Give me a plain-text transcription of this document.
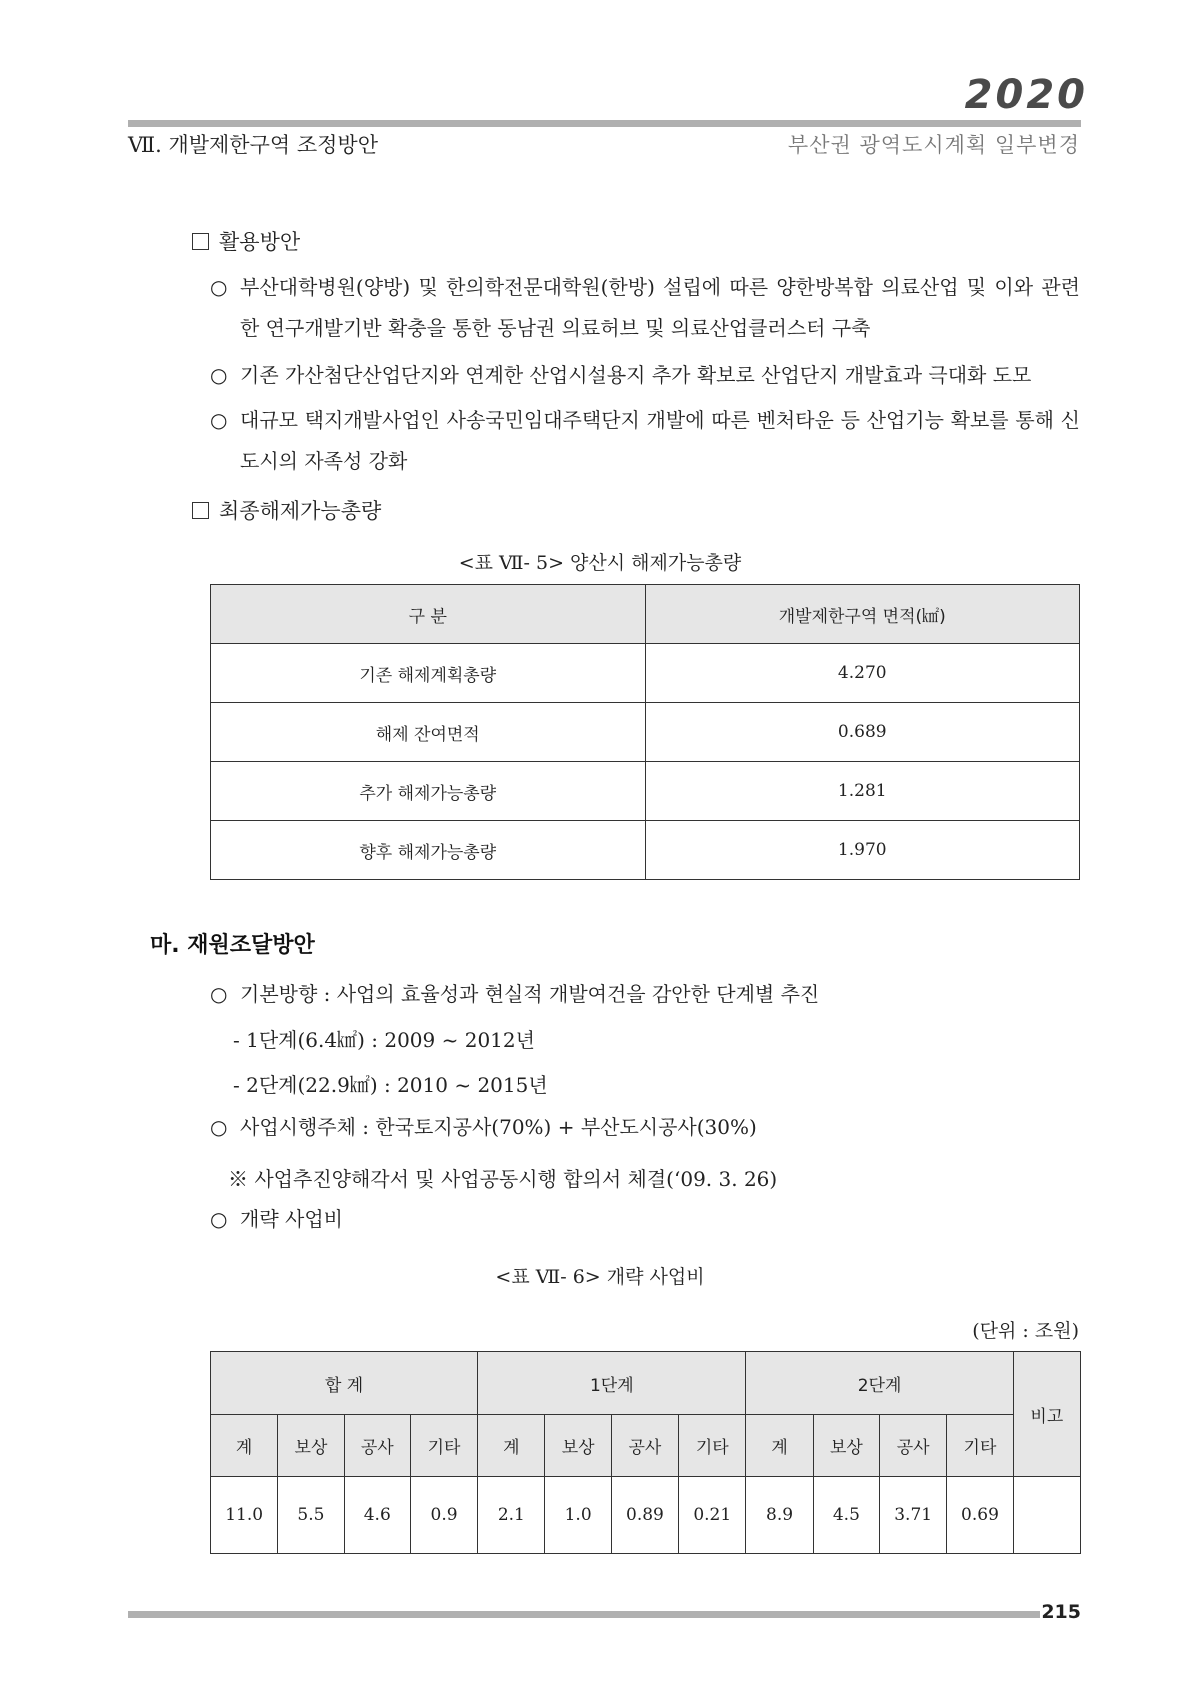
2020
Ⅶ. 개발제한구역 조정방안	부산권 광역도시계획 일부변경
활용방안
○ 부산대학병원(양방) 및 한의학전문대학원(한방) 설립에 따른 양한방복합 의료산업 및 이와 관련한 연구개발기반 확충을 통한 동남권 의료허브 및 의료산업클러스터 구축
○ 기존 가산첨단산업단지와 연계한 산업시설용지 추가 확보로 산업단지 개발효과 극대화 도모
○ 대규모 택지개발사업인 사송국민임대주택단지 개발에 따른 벤처타운 등 산업기능 확보를 통해 신도시의 자족성 강화
최종해제가능총량
<표 Ⅶ- 5> 양산시 해제가능총량
구 분	개발제한구역 면적(㎢)
기존 해제계획총량	4.270
해제 잔여면적	0.689
추가 해제가능총량	1.281
향후 해제가능총량	1.970
마. 재원조달방안
○ 기본방향 : 사업의 효율성과 현실적 개발여건을 감안한 단계별 추진
- 1단계(6.4㎢) : 2009 ~ 2012년
- 2단계(22.9㎢) : 2010 ~ 2015년
○ 사업시행주체 : 한국토지공사(70%) + 부산도시공사(30%)
※ 사업추진양해각서 및 사업공동시행 합의서 체결(‘09. 3. 26)
○ 개략 사업비
<표 Ⅶ- 6> 개략 사업비
(단위 : 조원)
합 계				1단계				2단계				비고
계	보상	공사	기타	계	보상	공사	기타	계	보상	공사	기타	
11.0	5.5	4.6	0.9	2.1	1.0	0.89	0.21	8.9	4.5	3.71	0.69	
215
